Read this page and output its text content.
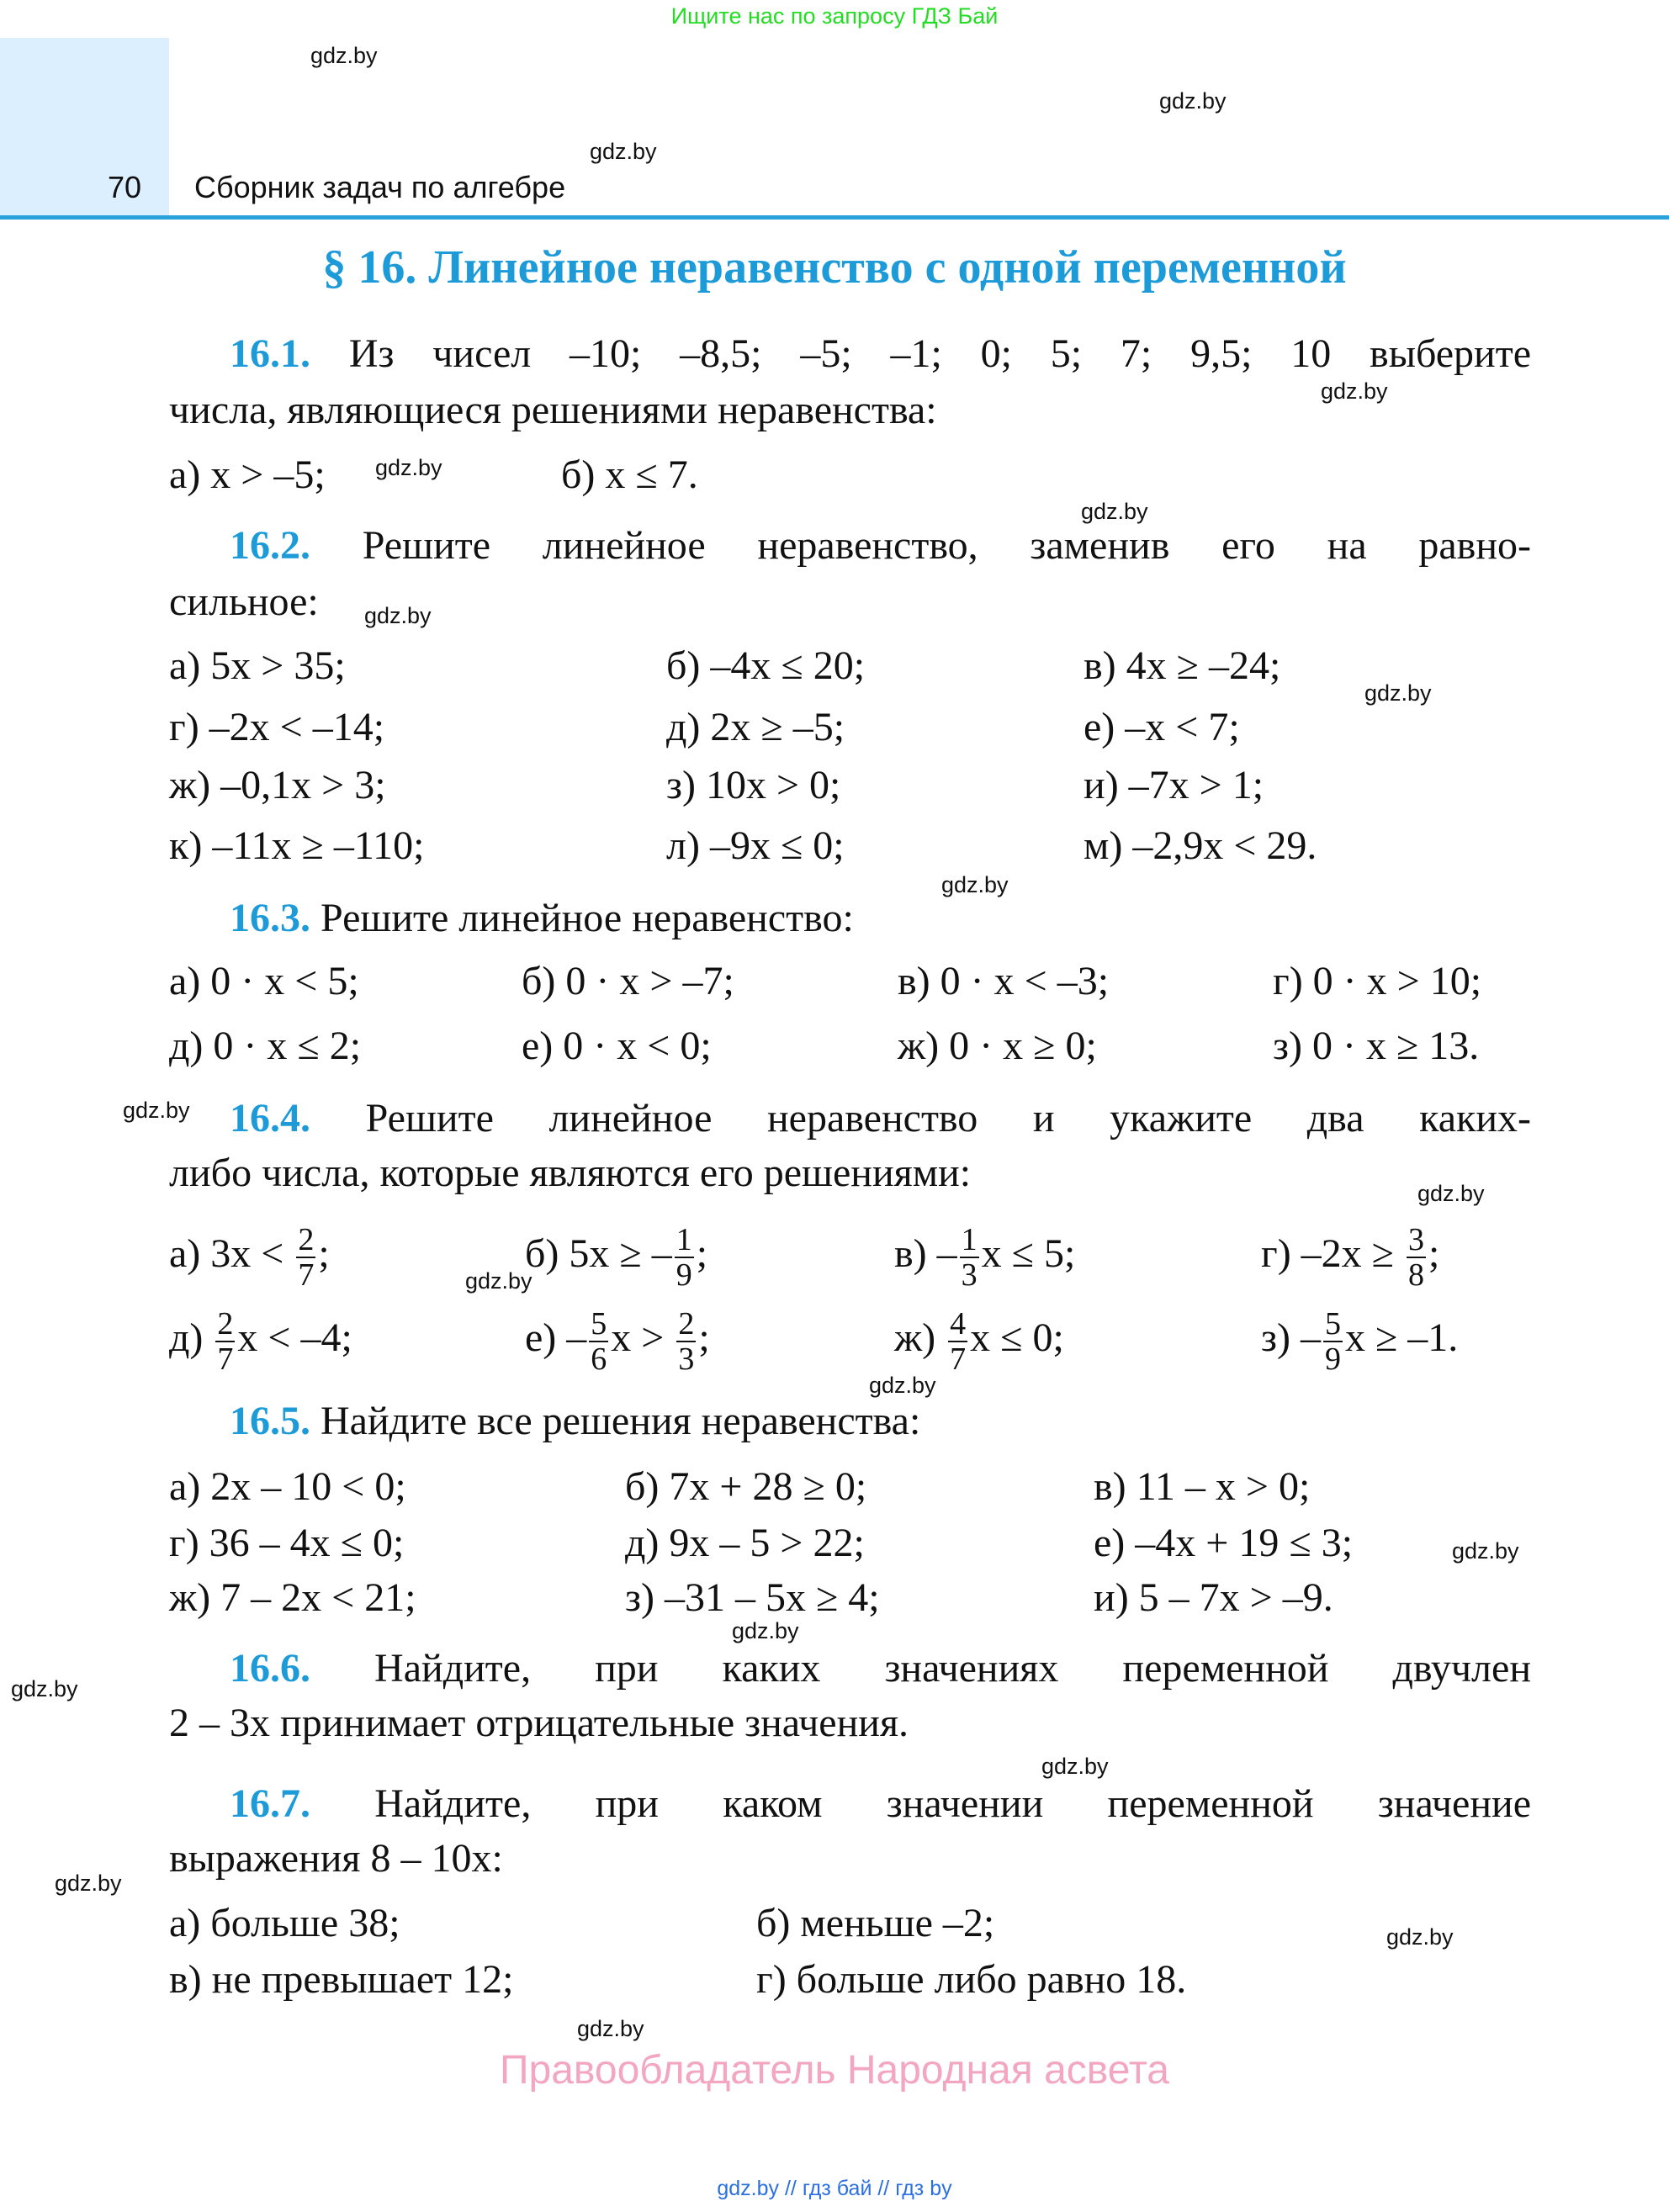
Ищите нас по запросу ГДЗ Бай
70 Сборник задач по алгебре
§ 16. Линейное неравенство с одной переменной
16.1. Из чисел –10; –8,5; –5; –1; 0; 5; 7; 9,5; 10 выберите
числа, являющиеся решениями неравенства:
а) x > –5;	б) x ≤ 7.
16.2. Решите линейное неравенство, заменив его на равно-
сильное:
а) 5x > 35;	б) –4x ≤ 20;	в) 4x ≥ –24;
г) –2x < –14;	д) 2x ≥ –5;	е) –x < 7;
ж) –0,1x > 3;	з) 10x > 0;	и) –7x > 1;
к) –11x ≥ –110;	л) –9x ≤ 0;	м) –2,9x < 29.
16.3. Решите линейное неравенство:
а) 0 · x < 5;	б) 0 · x > –7;	в) 0 · x < –3;	г) 0 · x > 10;
д) 0 · x ≤ 2;	е) 0 · x < 0;	ж) 0 · x ≥ 0;	з) 0 · x ≥ 13.
16.4. Решите линейное неравенство и укажите два каких-
либо числа, которые являются его решениями:
а) $3x < \frac{2}{7}$ ;	б) 5x ≥ – $\frac{1}{9}$ ;	$в) - \frac{1}{3}$ x ≤ 5;	г) $-2x \ge \frac{3}{8}$ ;
$д) \frac{2}{7}$ x < –4;	$е) - \frac{5}{6}$ $x > \frac{2}{3}$ ;	$ж) \frac{4}{7}$ x ≤ 0;	$з) - \frac{5}{9}$ x ≥ –1.
16.5. Найдите все решения неравенства:
а) 2x – 10 < 0;	б) 7x + 28 ≥ 0;	в) 11 – x > 0;
г) 36 – 4x ≤ 0;	д) 9x – 5 > 22;	е) –4x + 19 ≤ 3;
ж) 7 – 2x < 21;	з) –31 – 5x ≥ 4;	и) 5 – 7x > –9.
16.6. Найдите, при каких значениях переменной двучлен
2 – 3x принимает отрицательные значения.
16.7. Найдите, при каком значении переменной значение
выражения 8 – 10x:
а) больше 38;	б) меньше –2;
в) не превышает 12;	г) больше либо равно 18.
gdz.by
gdz.by
gdz.by
gdz.by
gdz.by
gdz.by
gdz.by
gdz.by
gdz.by
gdz.by
gdz.by
gdz.by
gdz.by
gdz.by
gdz.by
gdz.by
gdz.by
gdz.by
gdz.by
gdz.by
Правообладатель Народная асвета
gdz.by // гдз бай // гдз by
